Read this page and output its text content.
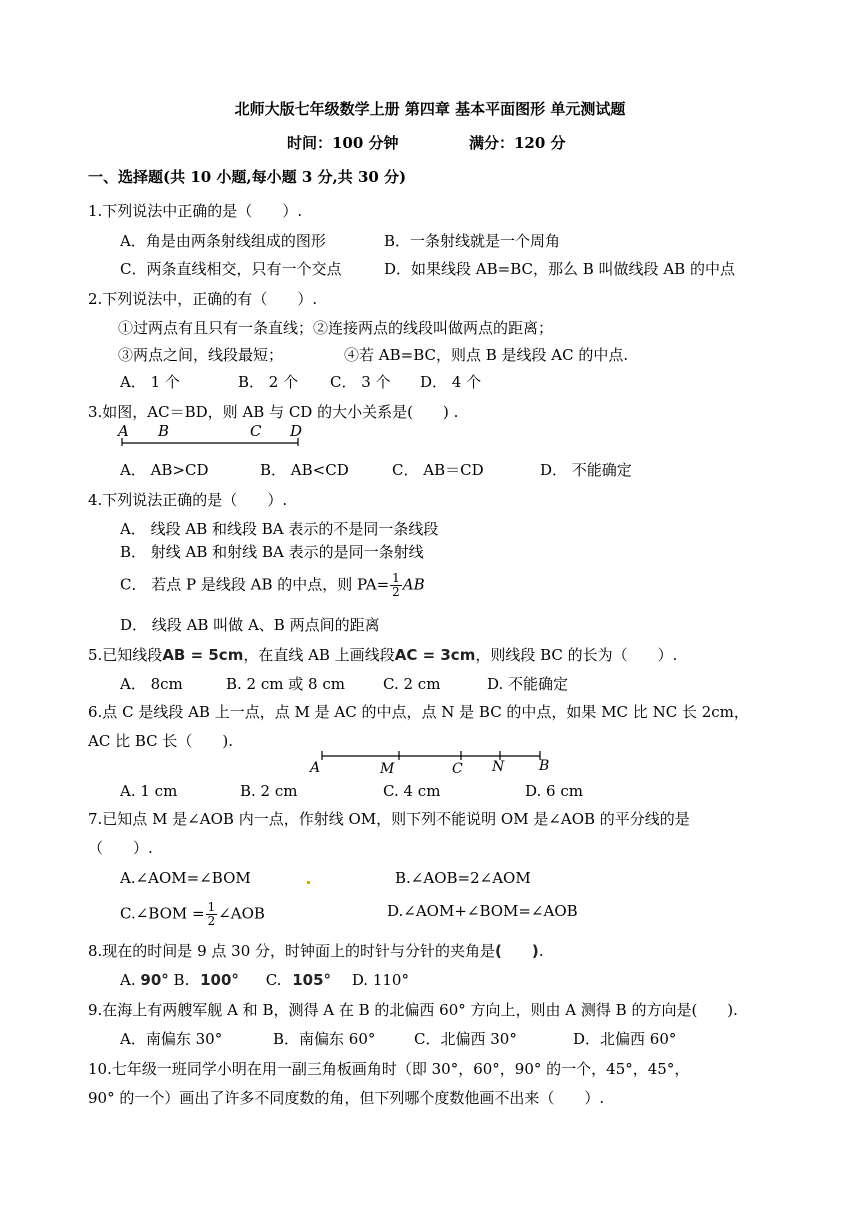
北师大版七年级数学上册 第四章 基本平面图形 单元测试题
时间：100 分钟	满分：120 分
一、选择题(共 10 小题,每小题 3 分,共 30 分)
1.下列说法中正确的是（　　）.
A．角是由两条射线组成的图形	B．一条射线就是一个周角
C．两条直线相交，只有一个交点	D．如果线段 AB=BC，那么 B 叫做线段 AB 的中点
2.下列说法中，正确的有（　　）.
①过两点有且只有一条直线；②连接两点的线段叫做两点的距离；
③两点之间，线段最短；	④若 AB=BC，则点 B 是线段 AC 的中点.
A． 1 个	B． 2 个 C． 3 个 D． 4 个
3.如图，AC＝BD，则 AB 与 CD 的大小关系是(　　) .
A B	C D
A． AB>CD	B． AB<CD	C． AB＝CD	D． 不能确定
4.下列说法正确的是（　　）.
A． 线段 AB 和线段 BA 表示的不是同一条线段
B． 射线 AB 和射线 BA 表示的是同一条射线
C． 若点 P 是线段 AB 的中点，则 $PA= \frac{1}{2}$ AB
D． 线段 AB 叫做 A、B 两点间的距离
5.已知线段AB = 5cm，在直线 AB 上画线段AC = 3cm，则线段 BC 的长为（　　）.
A． 8cm	B. 2 cm 或 8 cm	C. 2 cm	D. 不能确定
6.点 C 是线段 AB 上一点，点 M 是 AC 的中点，点 N 是 BC 的中点，如果 MC 比 NC 长 2cm，
AC 比 BC 长（　　).
A	M	C N B
A. 1 cm	B. 2 cm	C. 4 cm	D. 6 cm
7.已知点 M 是∠AOB 内一点，作射线 OM，则下列不能说明 OM 是∠AOB 的平分线的是
（　　）.
A.∠AOM=∠BOM	B.∠AOB=2∠AOM
C.∠BOM = $\frac{1}{2}$ ∠AOB	D.∠AOM+∠BOM=∠AOB
8.现在的时间是 9 点 30 分，时钟面上的时针与分针的夹角是(　　).
A. 90° B. 100° C. 105° D. 110°
9.在海上有两艘军舰 A 和 B，测得 A 在 B 的北偏西 60° 方向上，则由 A 测得 B 的方向是(　　).
A．南偏东 30°	B．南偏东 60°	C．北偏西 30°	D．北偏西 60°
10.七年级一班同学小明在用一副三角板画角时（即 30°，60°，90° 的一个，45°，45°，
90° 的一个）画出了许多不同度数的角，但下列哪个度数他画不出来（　　）.
